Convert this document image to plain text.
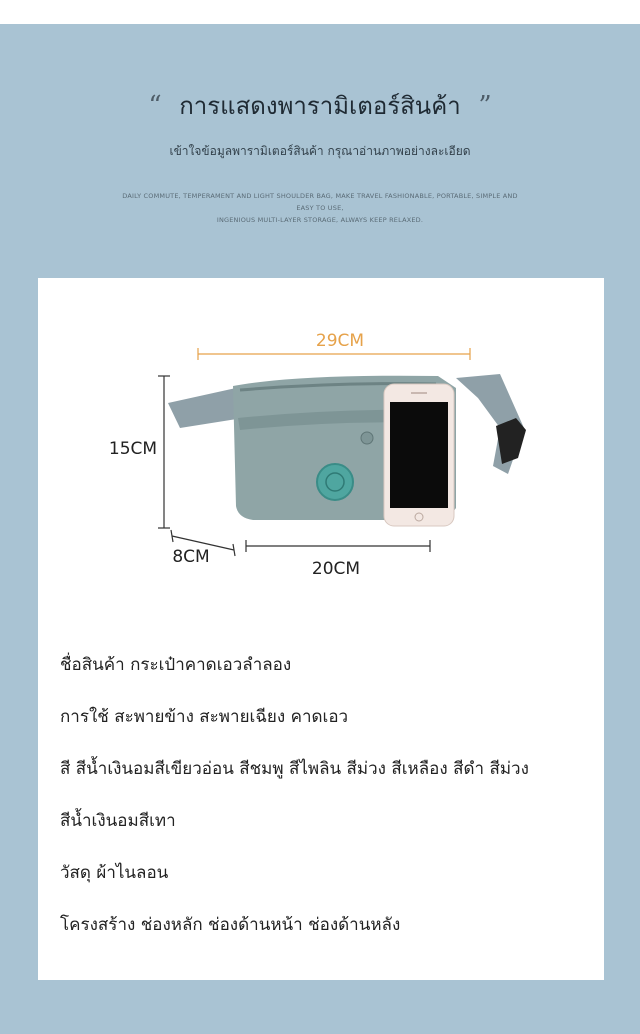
“ การแสดงพารามิเตอร์สินค้า ”
เข้าใจข้อมูลพารามิเตอร์สินค้า กรุณาอ่านภาพอย่างละเอียด
DAILY COMMUTE, TEMPERAMENT AND LIGHT SHOULDER BAG, MAKE TRAVEL FASHIONABLE, PORTABLE, SIMPLE AND EASY TO USE,
INGENIOUS MULTI-LAYER STORAGE, ALWAYS KEEP RELAXED.
29CM
15CM
8CM
20CM

ชื่อสินค้า กระเป๋าคาดเอวลำลอง

การใช้ สะพายข้าง สะพายเฉียง คาดเอว

สี สีน้ำเงินอมสีเขียวอ่อน สีชมพู สีไพลิน สีม่วง สีเหลือง สีดำ สีม่วง

สีน้ำเงินอมสีเทา

วัสดุ ผ้าไนลอน

โครงสร้าง ช่องหลัก ช่องด้านหน้า ช่องด้านหลัง
